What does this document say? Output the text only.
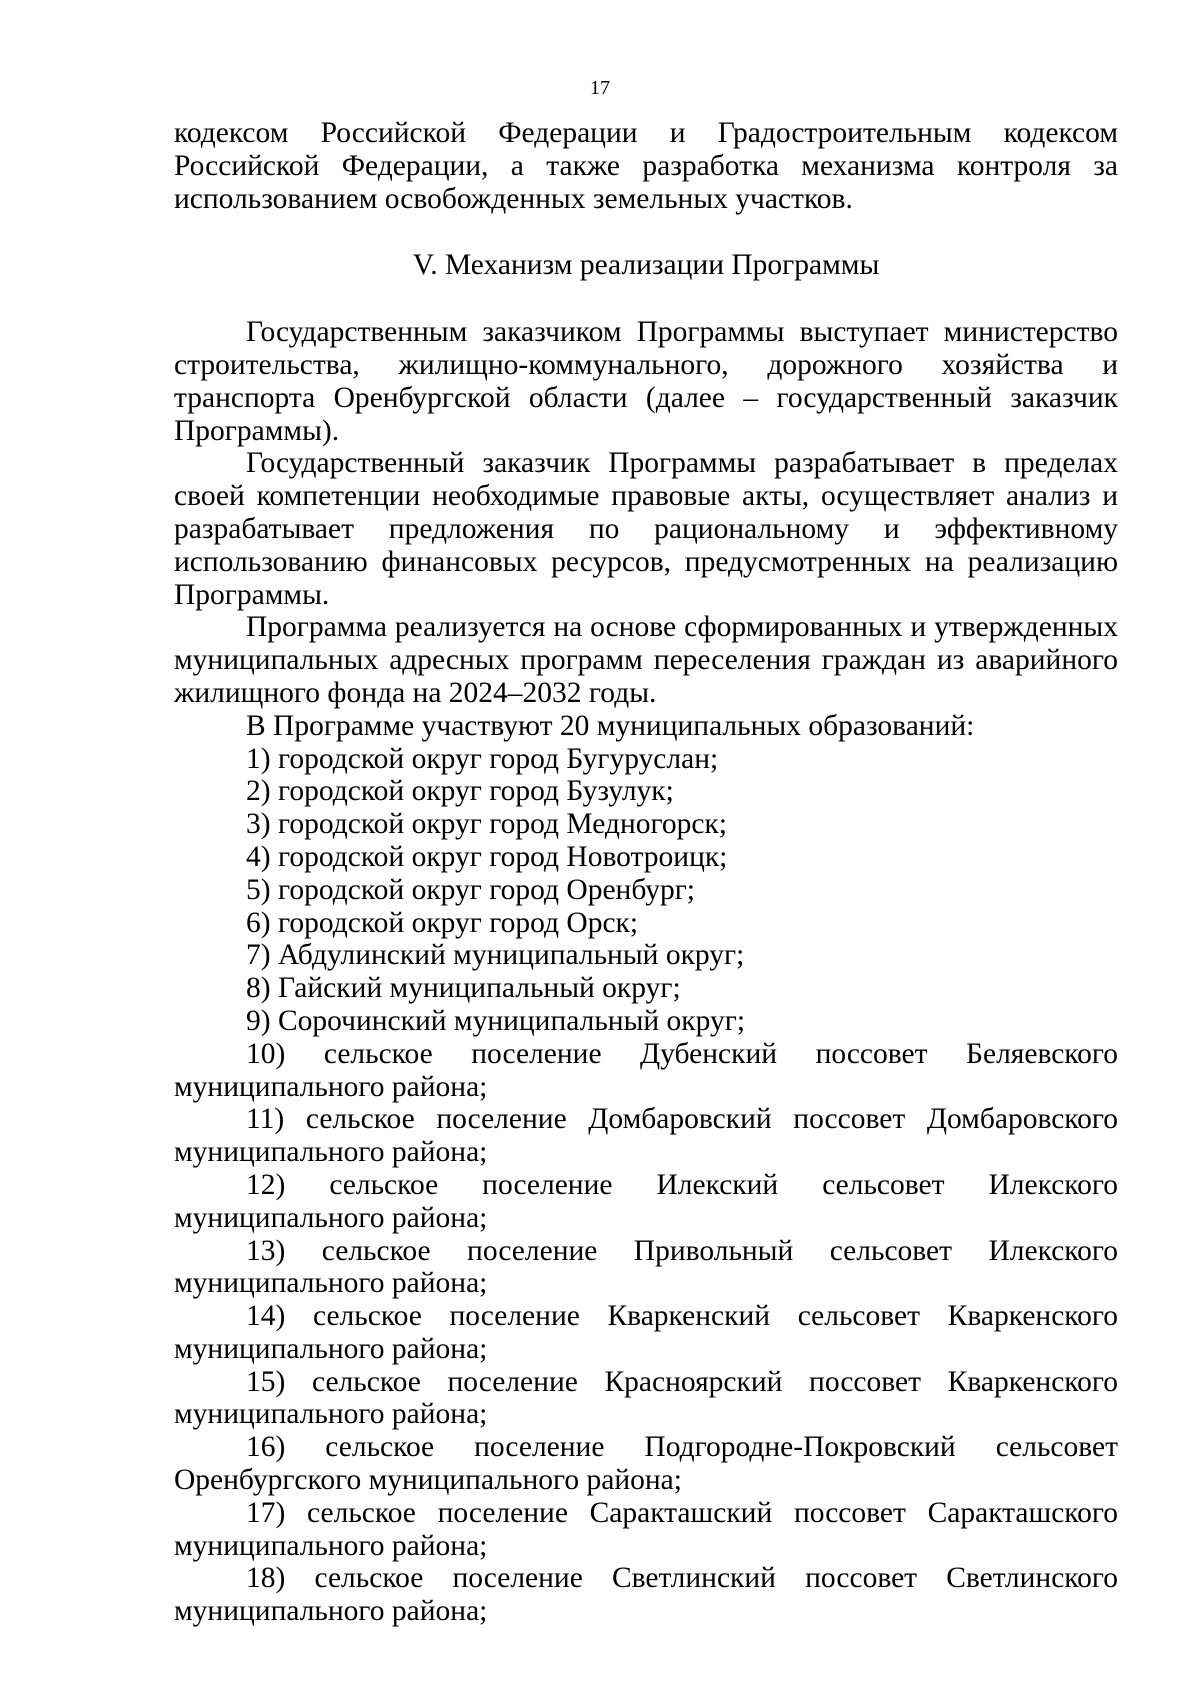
17

кодексом Российской Федерации и Градостроительным кодексом Российской Федерации, а также разработка механизма контроля за использованием освобожденных земельных участков.

V. Механизм реализации Программы

Государственным заказчиком Программы выступает министерство строительства, жилищно-коммунального, дорожного хозяйства и транспорта Оренбургской области (далее – государственный заказчик Программы).

Государственный заказчик Программы разрабатывает в пределах своей компетенции необходимые правовые акты, осуществляет анализ и разрабатывает предложения по рациональному и эффективному использованию финансовых ресурсов, предусмотренных на реализацию Программы.

Программа реализуется на основе сформированных и утвержденных муниципальных адресных программ переселения граждан из аварийного жилищного фонда на 2024–2032 годы.

В Программе участвуют 20 муниципальных образований:

1) городской округ город Бугуруслан;

2) городской округ город Бузулук;

3) городской округ город Медногорск;

4) городской округ город Новотроицк;

5) городской округ город Оренбург;

6) городской округ город Орск;

7) Абдулинский муниципальный округ;

8) Гайский муниципальный округ;

9) Сорочинский муниципальный округ;

10) сельское поселение Дубенский поссовет Беляевского муниципального района;

11) сельское поселение Домбаровский поссовет Домбаровского муниципального района;

12) сельское поселение Илекский сельсовет Илекского муниципального района;

13) сельское поселение Привольный сельсовет Илекского муниципального района;

14) сельское поселение Кваркенский сельсовет Кваркенского муниципального района;

15) сельское поселение Красноярский поссовет Кваркенского муниципального района;

16) сельское поселение Подгородне-Покровский сельсовет Оренбургского муниципального района;

17) сельское поселение Саракташский поссовет Саракташского муниципального района;

18) сельское поселение Светлинский поссовет Светлинского муниципального района;
